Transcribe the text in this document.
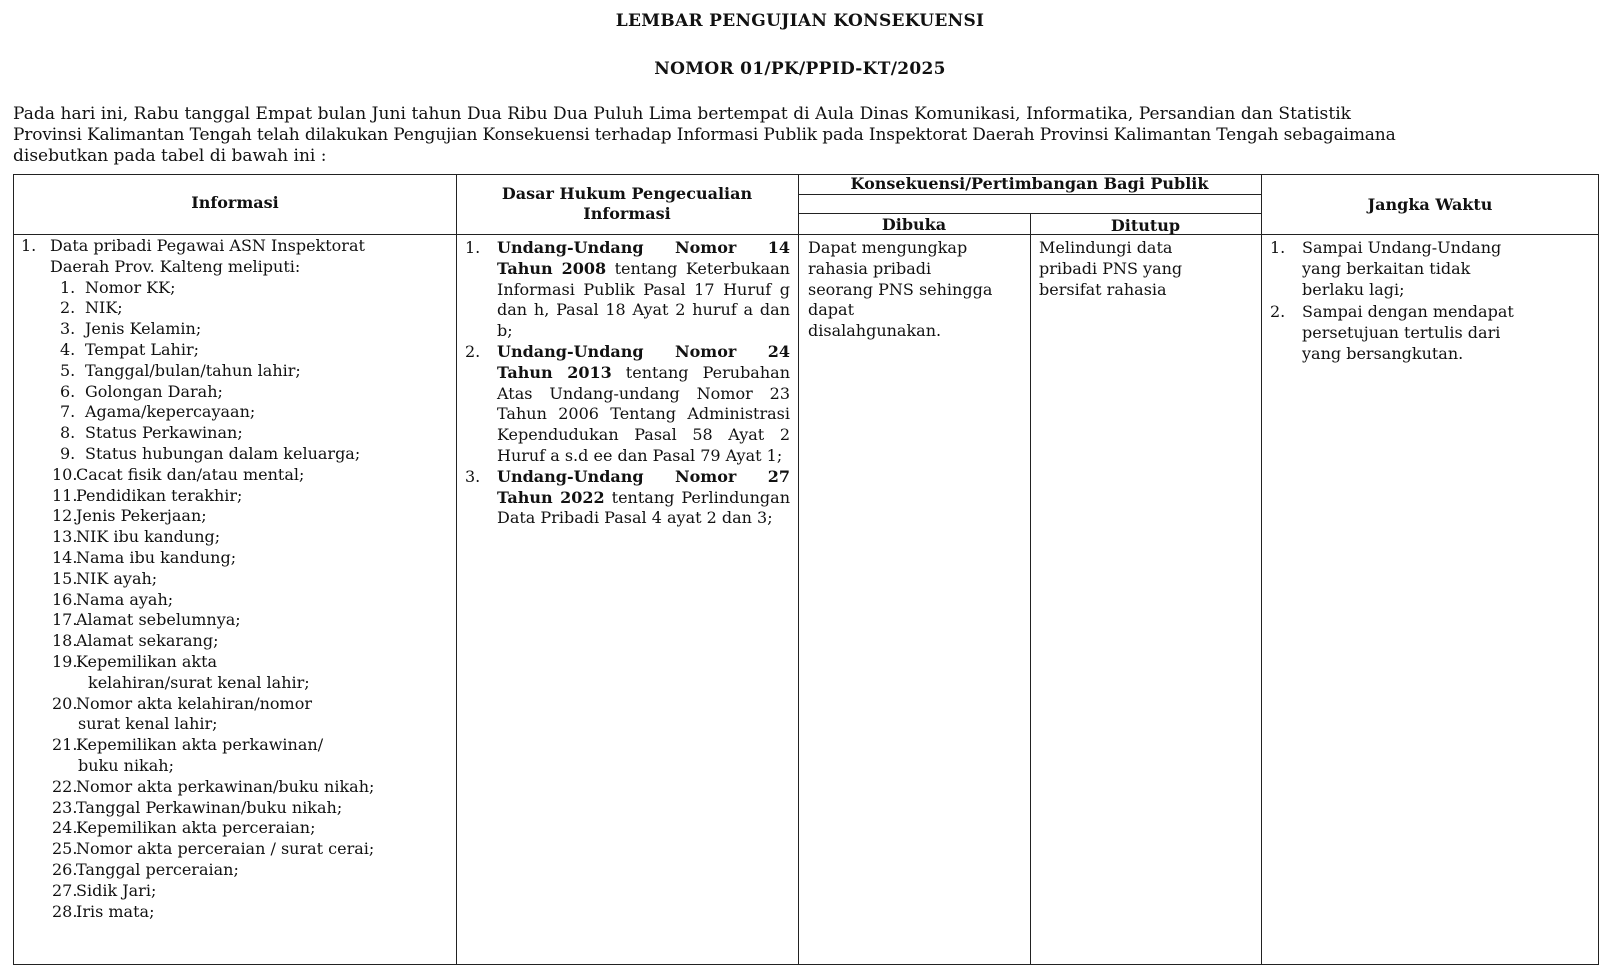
LEMBAR PENGUJIAN KONSEKUENSI
NOMOR 01/PK/PPID-KT/2025
Pada hari ini, Rabu tanggal Empat bulan Juni tahun Dua Ribu Dua Puluh Lima bertempat di Aula Dinas Komunikasi, Informatika, Persandian dan Statistik
Provinsi Kalimantan Tengah telah dilakukan Pengujian Konsekuensi terhadap Informasi Publik pada Inspektorat Daerah Provinsi Kalimantan Tengah sebagaimana
disebutkan pada tabel di bawah ini :
Informasi	Dasar Hukum Pengecualian
Informasi
Konsekuensi/Pertimbangan Bagi Publik
Dibuka	Ditutup
Jangka Waktu
1. Data pribadi Pegawai ASN Inspektorat
Daerah Prov. Kalteng meliputi:
1. Nomor KK;
2. NIK;
3. Jenis Kelamin;
4. Tempat Lahir;
5. Tanggal/bulan/tahun lahir;
6. Golongan Darah;
7. Agama/kepercayaan;
8. Status Perkawinan;
9. Status hubungan dalam keluarga;
10.
Cacat fisik dan/atau mental;
11.
Pendidikan terakhir;
12.
Jenis Pekerjaan;
13.
NIK ibu kandung;
14.
Nama ibu kandung;
15.
NIK ayah;
16.
Nama ayah;
17.
Alamat sebelumnya;
18.
Alamat sekarang;
19.
Kepemilikan akta
kelahiran/surat kenal lahir;
20.
Nomor akta kelahiran/nomor
surat kenal lahir;
21.
Kepemilikan akta perkawinan/
buku nikah;
22.
Nomor akta perkawinan/buku nikah;
23.
Tanggal Perkawinan/buku nikah;
24.
Kepemilikan akta perceraian;
25.
Nomor akta perceraian / surat cerai;
26.
Tanggal perceraian;
27.
Sidik Jari;
28.
Iris mata;
1. Undang-Undang Nomor 14 Tahun 2008 tentang Keterbukaan Informasi Publik Pasal 17 Huruf g dan h, Pasal 18 Ayat 2 huruf a dan b;
2. Undang-Undang Nomor 24 Tahun 2013 tentang Perubahan Atas Undang-undang Nomor 23 Tahun 2006 Tentang Administrasi Kependudukan Pasal 58 Ayat 2 Huruf a s.d ee dan Pasal 79 Ayat 1;
3. Undang-Undang Nomor 27 Tahun 2022 tentang Perlindungan Data Pribadi Pasal 4 ayat 2 dan 3;
Dapat mengungkap
rahasia pribadi
seorang PNS sehingga
dapat
disalahgunakan.
Melindungi data
pribadi PNS yang
bersifat rahasia
1. Sampai Undang-Undang
yang berkaitan tidak
berlaku lagi;
2. Sampai dengan mendapat
persetujuan tertulis dari
yang bersangkutan.
